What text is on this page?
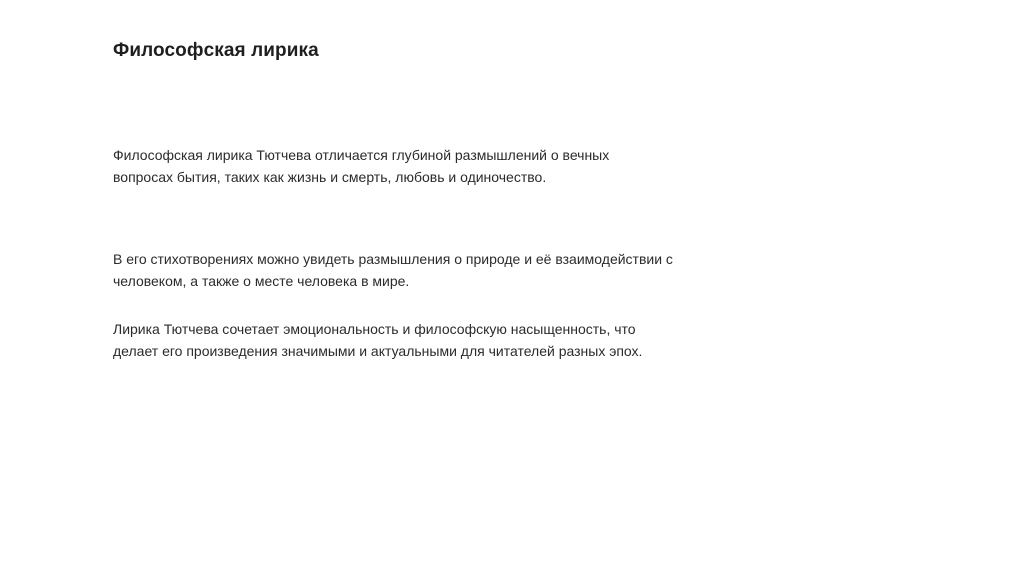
Философская лирика

Философская лирика Тютчева отличается глубиной размышлений о вечных вопросах бытия, таких как жизнь и смерть, любовь и одиночество.

В его стихотворениях можно увидеть размышления о природе и её взаимодействии с человеком, а также о месте человека в мире.

Лирика Тютчева сочетает эмоциональность и философскую насыщенность, что делает его произведения значимыми и актуальными для читателей разных эпох.
